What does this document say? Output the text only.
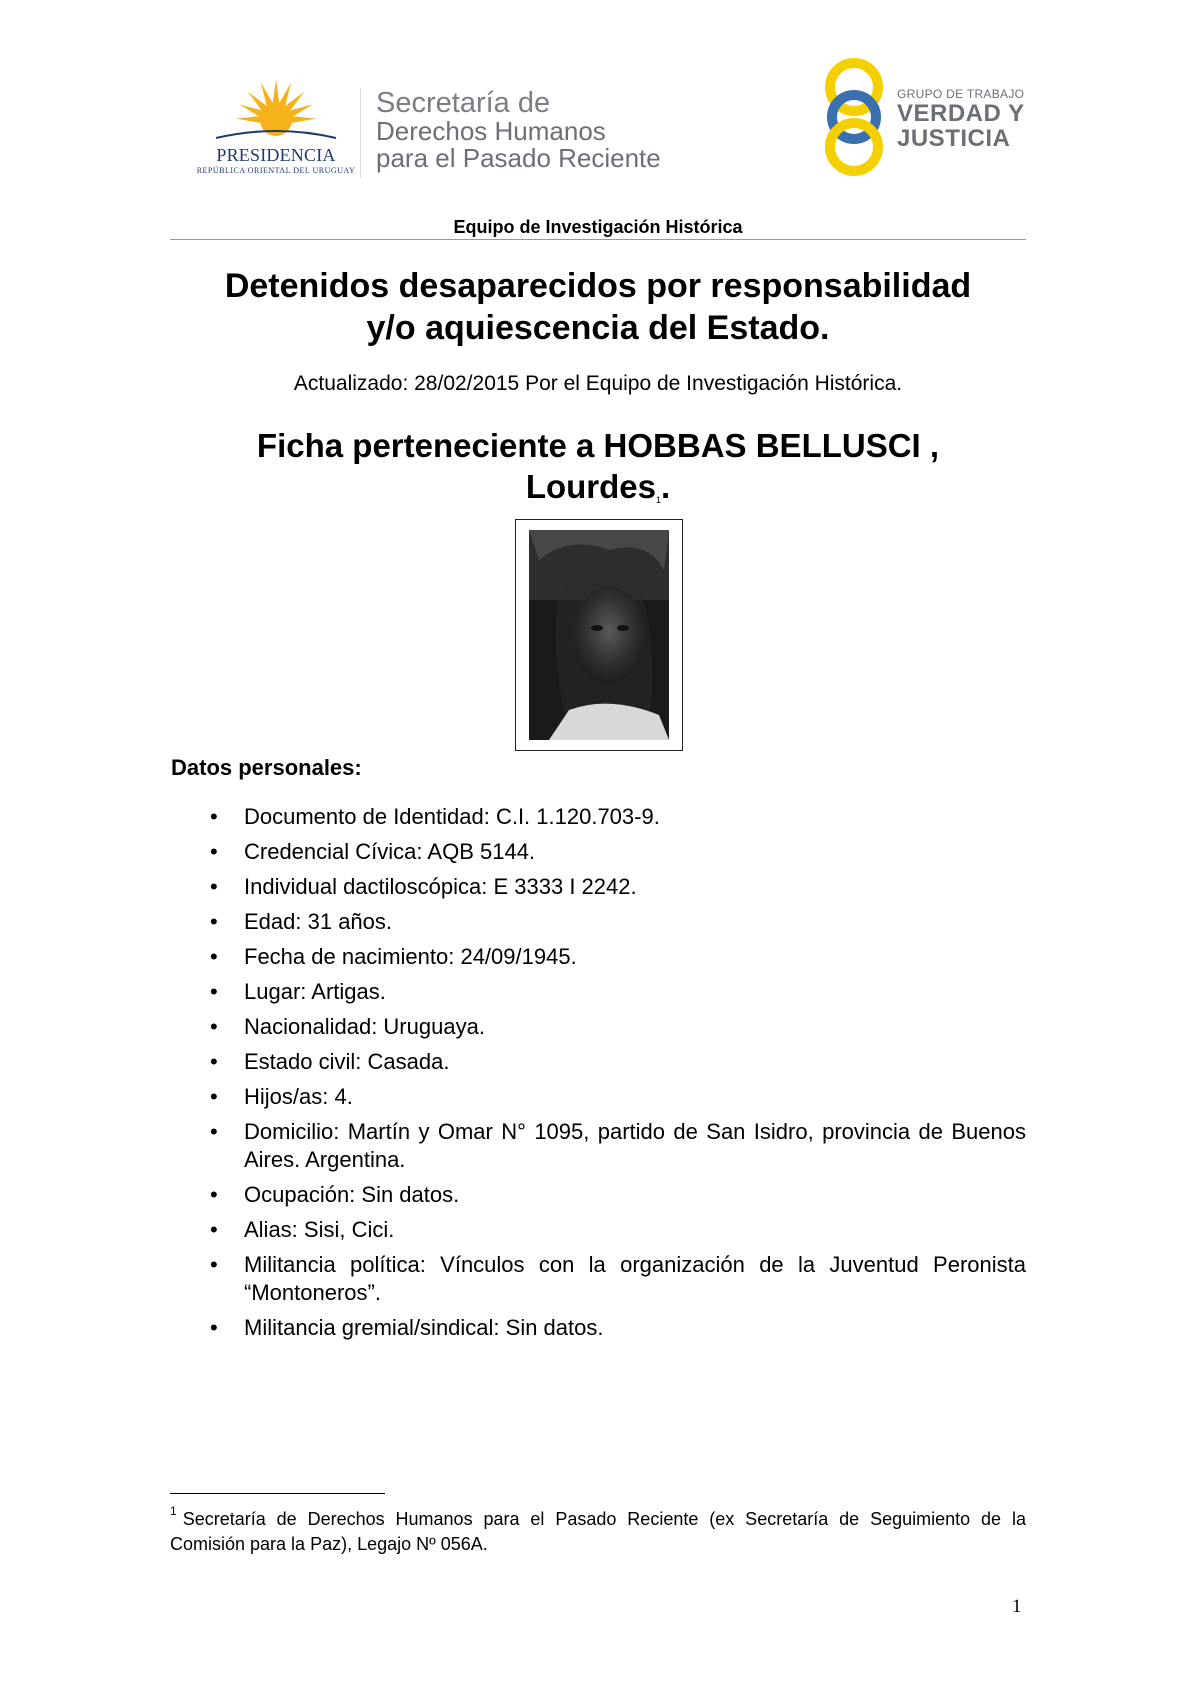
PRESIDENCIA
REPÚBLICA ORIENTAL DEL URUGUAY
Secretaría de
Derechos Humanos
para el Pasado Reciente
GRUPO DE TRABAJO
VERDAD Y
JUSTICIA
Equipo de Investigación Histórica
Detenidos desaparecidos por responsabilidad
y/o aquiescencia del Estado.
Actualizado: 28/02/2015 Por el Equipo de Investigación Histórica.
Ficha perteneciente a HOBBAS BELLUSCI ,
Lourdes$^1$.
Datos personales:
• Documento de Identidad: C.I. 1.120.703-9.
• Credencial Cívica: AQB 5144.
• Individual dactiloscópica: E 3333 I 2242.
• Edad: 31 años.
• Fecha de nacimiento: 24/09/1945.
• Lugar: Artigas.
• Nacionalidad: Uruguaya.
• Estado civil: Casada.
• Hijos/as: 4.
• Domicilio: Martín y Omar N° 1095, partido de San Isidro, provincia de Buenos Aires. Argentina.
• Ocupación: Sin datos.
• Alias: Sisi, Cici.
• Militancia política: Vínculos con la organización de la Juventud Peronista “Montoneros”.
• Militancia gremial/sindical: Sin datos.
$^1$ Secretaría de Derechos Humanos para el Pasado Reciente (ex Secretaría de Seguimiento de la Comisión para la Paz), Legajo Nº 056A.
1
